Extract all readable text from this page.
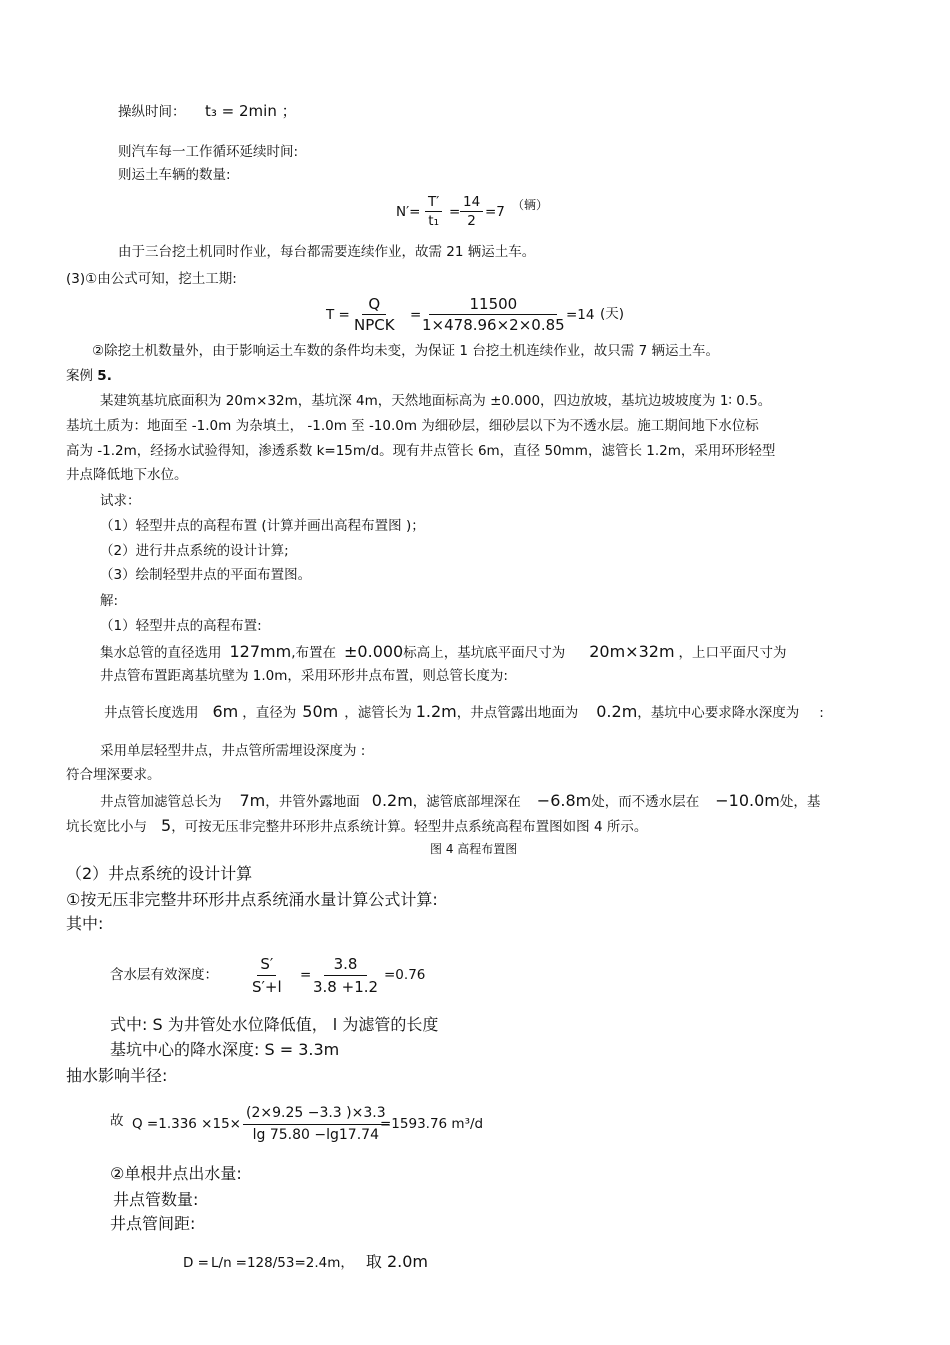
操纵时间： t₃ = 2min ；
则汽车每一工作循环延续时间:
则运土车辆的数量:
$N'= \frac{T'}{\text{t₁}} = \frac{14}{2} =7$ （辆）
由于三台挖土机同时作业，每台都需要连续作业，故需 21 辆运土车。
(3)①由公式可知，挖土工期:
T =
Q
NPCK
= $\frac{11500}{1\times 478.96\times 2\times 0.85} =14$ (天)
②除挖土机数量外，由于影响运土车数的条件均未变，为保证 1 台挖土机连续作业，故只需 7 辆运土车。
案例 5.
某建筑基坑底面积为 20m×32m，基坑深 4m，天然地面标高为 ±0.000，四边放坡，基坑边坡坡度为 1∶ 0.5。
基坑土质为：地面至 -1.0m 为杂填土， -1.0m 至 -10.0m 为细砂层，细砂层以下为不透水层。施工期间地下水位标
高为 -1.2m，经扬水试验得知，渗透系数 k=15m/d。现有井点管长 6m，直径 50mm，滤管长 1.2m，采用环形轻型
井点降低地下水位。
试求：
（1）轻型井点的高程布置 (计算并画出高程布置图 )；
（2）进行井点系统的设计计算;
（3）绘制轻型井点的平面布置图。
解:
（1）轻型井点的高程布置:
集水总管的直径选用 127mm,布置在 ±0.000标高上，基坑底平面尺寸为 20m×32m ，上口平面尺寸为
井点管布置距离基坑壁为 1.0m，采用环形井点布置，则总管长度为:
井点管长度选用 6m ，直径为 50m ，滤管长为 1.2m，井点管露出地面为 0.2m，基坑中心要求降水深度为 :
采用单层轻型井点，井点管所需埋设深度为 :
符合埋深要求。
井点管加滤管总长为 7m，井管外露地面 0.2m，滤管底部埋深在 −6.8m处，而不透水层在 −10.0m处，基
坑长宽比小与 5，可按无压非完整井环形井点系统计算。轻型井点系统高程布置图如图 4 所示。
图 4 高程布置图
（2）井点系统的设计计算
①按无压非完整井环形井点系统涌水量计算公式计算:
其中:
含水层有效深度： $\frac{S'}{S'+l} = \frac{3.8}{3.8 +1.2} =0.76$
式中: S 为井管处水位降低值， l 为滤管的长度
基坑中心的降水深度: S = 3.3m
抽水影响半径:
故 $Q =1.336 \times 15\times \frac{(2\times 9.25 -3.3 )\times 3.3}{\lg 75.80 -\lg 17.74}$
=1593.76 m³/d
②单根井点出水量:
井点管数量:
井点管间距:
D = L/n =128/53=2.4m， 取 2.0m
